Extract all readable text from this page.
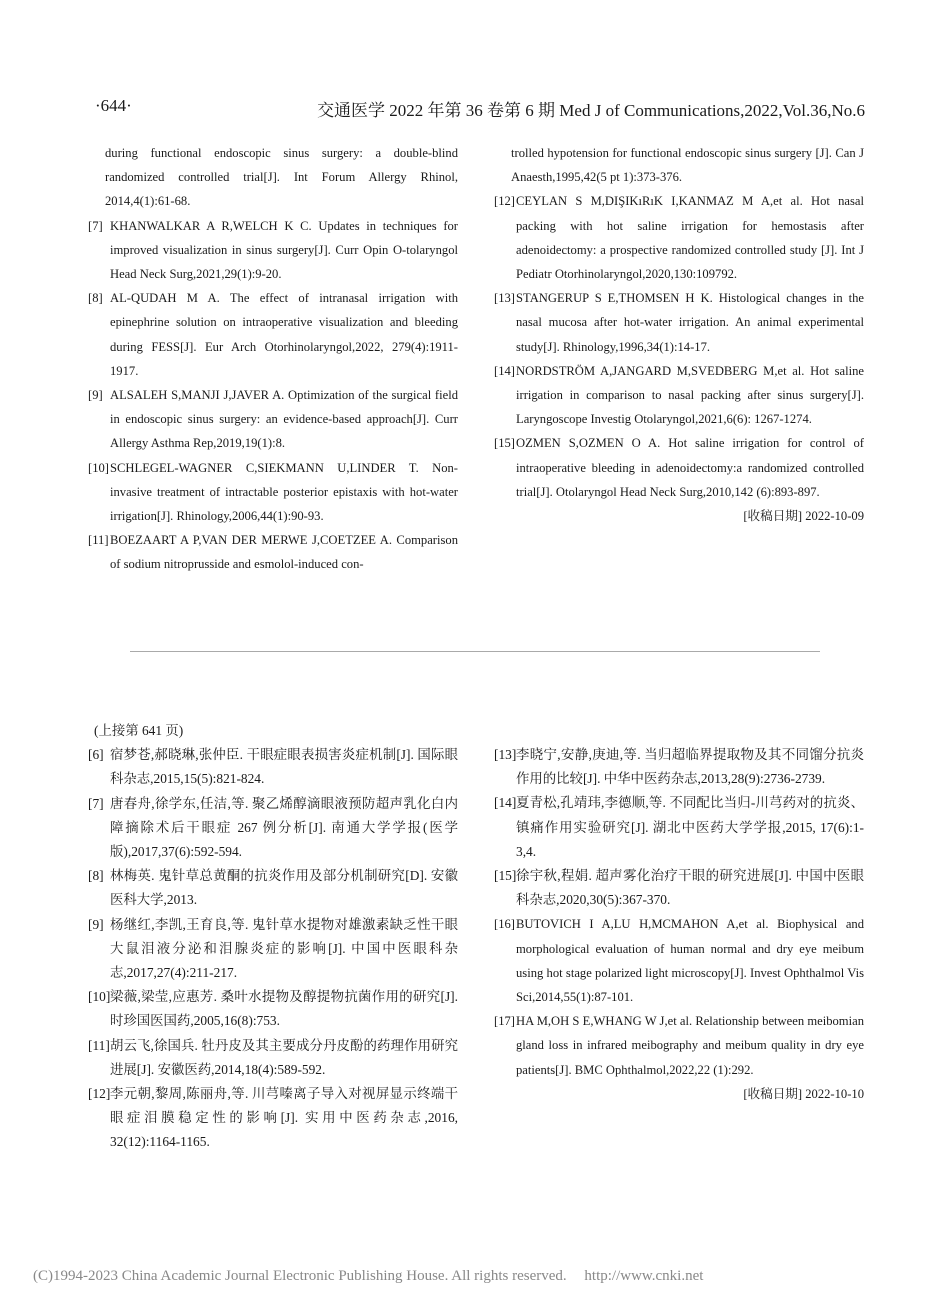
·644·	交通医学 2022 年第 36 卷第 6 期 Med J of Communications,2022,Vol.36,No.6
during functional endoscopic sinus surgery: a double-blind randomized controlled trial[J]. Int Forum Allergy Rhinol, 2014,4(1):61-68.
[7] KHANWALKAR A R,WELCH K C. Updates in techniques for improved visualization in sinus surgery[J]. Curr Opin O-tolaryngol Head Neck Surg,2021,29(1):9-20.
[8] AL-QUDAH M A. The effect of intranasal irrigation with epinephrine solution on intraoperative visualization and bleeding during FESS[J]. Eur Arch Otorhinolaryngol,2022, 279(4):1911-1917.
[9] ALSALEH S,MANJI J,JAVER A. Optimization of the surgical field in endoscopic sinus surgery: an evidence-based approach[J]. Curr Allergy Asthma Rep,2019,19(1):8.
[10] SCHLEGEL-WAGNER C,SIEKMANN U,LINDER T. Non-invasive treatment of intractable posterior epistaxis with hot-water irrigation[J]. Rhinology,2006,44(1):90-93.
[11] BOEZAART A P,VAN DER MERWE J,COETZEE A. Comparison of sodium nitroprusside and esmolol-induced con-
trolled hypotension for functional endoscopic sinus surgery [J]. Can J Anaesth,1995,42(5 pt 1):373-376.
[12] CEYLAN S M,DIŞIKıRıK I,KANMAZ M A,et al. Hot nasal packing with hot saline irrigation for hemostasis after adenoidectomy: a prospective randomized controlled study [J]. Int J Pediatr Otorhinolaryngol,2020,130:109792.
[13] STANGERUP S E,THOMSEN H K. Histological changes in the nasal mucosa after hot-water irrigation. An animal experimental study[J]. Rhinology,1996,34(1):14-17.
[14] NORDSTRÖM A,JANGARD M,SVEDBERG M,et al. Hot saline irrigation in comparison to nasal packing after sinus surgery[J]. Laryngoscope Investig Otolaryngol,2021,6(6): 1267-1274.
[15] OZMEN S,OZMEN O A. Hot saline irrigation for control of intraoperative bleeding in adenoidectomy:a randomized controlled trial[J]. Otolaryngol Head Neck Surg,2010,142 (6):893-897.
[收稿日期] 2022-10-09
(上接第 641 页)
[6] 宿梦苍,郝晓琳,张仲臣. 干眼症眼表损害炎症机制[J]. 国际眼科杂志,2015,15(5):821-824.
[7] 唐春舟,徐学东,任洁,等. 聚乙烯醇滴眼液预防超声乳化白内障摘除术后干眼症 267 例分析[J]. 南通大学学报(医学版),2017,37(6):592-594.
[8] 林梅英. 鬼针草总黄酮的抗炎作用及部分机制研究[D]. 安徽医科大学,2013.
[9] 杨继红,李凯,王育良,等. 鬼针草水提物对雄激素缺乏性干眼大鼠泪液分泌和泪腺炎症的影响[J]. 中国中医眼科杂志,2017,27(4):211-217.
[10] 梁薇,梁莹,应惠芳. 桑叶水提物及醇提物抗菌作用的研究[J]. 时珍国医国药,2005,16(8):753.
[11] 胡云飞,徐国兵. 牡丹皮及其主要成分丹皮酚的药理作用研究进展[J]. 安徽医药,2014,18(4):589-592.
[12] 李元朝,黎周,陈丽舟,等. 川芎嗪离子导入对视屏显示终端干眼症泪膜稳定性的影响[J]. 实用中医药杂志,2016, 32(12):1164-1165.
[13] 李晓宁,安静,庚迪,等. 当归超临界提取物及其不同馏分抗炎作用的比较[J]. 中华中医药杂志,2013,28(9):2736-2739.
[14] 夏青松,孔靖玮,李德顺,等. 不同配比当归-川芎药对的抗炎、镇痛作用实验研究[J]. 湖北中医药大学学报,2015, 17(6):1-3,4.
[15] 徐宇秋,程娟. 超声雾化治疗干眼的研究进展[J]. 中国中医眼科杂志,2020,30(5):367-370.
[16] BUTOVICH I A,LU H,MCMAHON A,et al. Biophysical and morphological evaluation of human normal and dry eye meibum using hot stage polarized light microscopy[J]. Invest Ophthalmol Vis Sci,2014,55(1):87-101.
[17] HA M,OH S E,WHANG W J,et al. Relationship between meibomian gland loss in infrared meibography and meibum quality in dry eye patients[J]. BMC Ophthalmol,2022,22 (1):292.
[收稿日期] 2022-10-10
(C)1994-2023 China Academic Journal Electronic Publishing House. All rights reserved. http://www.cnki.net
